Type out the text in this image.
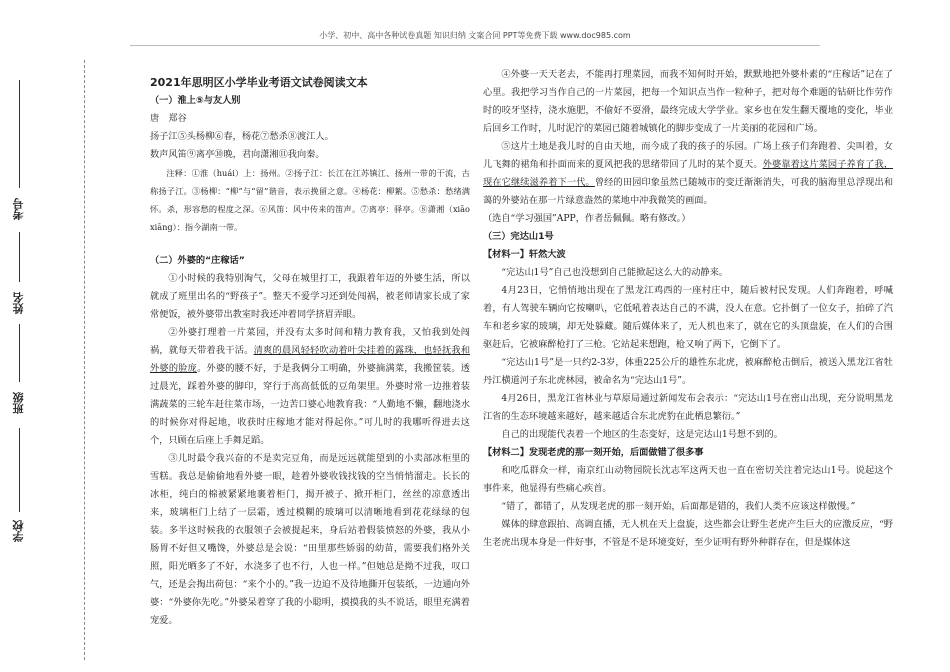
小学、初中、高中各种试卷真题 知识归纳 文案合同 PPT等免费下载 www.doc985.com
考号
姓名
班级
学校

2021年思明区小学毕业考语文试卷阅读文本

（一）淮上⑤与友人别

唐　郑谷

扬子江⑤头杨柳⑥春，杨花⑦愁杀⑧渡江人。

数声风笛⑨离亭⑩晚，君向潇湘⑪我向秦。

注释：①淮（huái）上：扬州。②扬子江：长江在江苏镇江、扬州一带的干流，古称扬子江。③杨柳：“柳”与“留”谐音，表示挽留之意。④杨花：柳絮。⑤愁杀：愁绪满怀。杀，形容愁的程度之深。⑥风笛：风中传来的笛声。⑦离亭：驿亭。⑧潇湘（xiāo xiāng）：指今湖南一带。

（二）外婆的“庄稼话”

①小时候的我特别淘气，父母在城里打工，我跟着年迈的外婆生活，所以就成了班里出名的“野孩子”。整天不爱学习还到处闯祸，被老师请家长成了家常便饭，被外婆带出教室时我还冲着同学挤眉弄眼。

②外婆打理着一片菜园，并没有太多时间和精力教育我，又怕我到处闯祸，就每天带着我干活。清爽的晨风轻轻吹动着叶尖挂着的露珠，也轻抚我和外婆的脸庞。外婆的腰不好，于是我俩分工明确，外婆摘满菜，我搬筐装。透过晨光，踩着外婆的脚印，穿行于高高低低的豆角架里。外婆时常一边推着装满蔬菜的三轮车赶往菜市场，一边苦口婆心地教育我：“人勤地不懒，翻地浇水的时候你对得起地，收获时庄稼地才能对得起你。”可儿时的我哪听得进去这个，只顾在后座上手舞足蹈。

③儿时最令我兴奋的不是卖完豆角，而是远远就能望到的小卖部冰柜里的雪糕。我总是偷偷地看外婆一眼，趁着外婆收钱找钱的空当悄悄溜走。长长的冰柜，纯白的棉被紧紧地裹着柜门，揭开被子、掀开柜门，丝丝的凉意透出来，玻璃柜门上结了一层霜，透过模糊的玻璃可以清晰地看到花花绿绿的包装。多半这时候我的衣服领子会被提起来，身后站着假装愤怒的外婆，我从小肠胃不好但又嘴馋，外婆总是会说：“田里那些娇弱的幼苗，需要我们格外关照，阳光晒多了不好，水浇多了也不行，人也一样。”但她总是拗不过我，叹口气，还是会掏出荷包：“来个小的。”我一边迫不及待地撕开包装纸，一边通向外婆：“外婆你先吃。”外婆呆着穿了我的小聪明，摸摸我的头不说话，眼里充满着宠爱。

④外婆一天天老去，不能再打理菜园，而我不知何时开始，默默地把外婆朴素的“庄稼话”记在了心里。我把学习当作自己的一片菜园，把每一个知识点当作一粒种子，把对每个难题的钻研比作劳作时的咬牙坚持，浇水施肥，不偷好不耍滑，最终完成大学学业。家乡也在发生翻天覆地的变化，毕业后回乡工作时，儿时泥泞的菜园已随着城镇化的脚步变成了一片美丽的花园和广场。

⑤这片土地是我儿时的自由天地，而今成了我的孩子的乐园。广场上孩子们奔跑着、尖叫着，女儿飞舞的裙角和扑面而来的夏风把我的思绪带回了儿时的某个夏天。外婆靠着这片菜园子养育了我，现在它继续滋养着下一代。曾经的田园印象虽然已随城市的变迁渐渐消失，可我的脑海里总浮现出和蔼的外婆站在那一片绿意盎然的菜地中冲我微笑的画面。

（选自“学习强国”APP，作者岳佩佩。略有修改。）

（三）完达山1号

【材料一】轩然大波

“完达山1号”自己也没想到自己能掀起这么大的动静来。

4月23日，它悄悄地出现在了黑龙江鸡西的一座村庄中，随后被村民发现。人们奔跑着，呼喊着，有人驾驶车辆向它按喇叭，它低吼着表达自己的不满，没人在意。它扑倒了一位女子，拍碎了汽车和老乡家的玻璃，却无处躲藏。随后媒体来了，无人机也来了，就在它的头顶盘旋，在人们的合围驱赶后，它被麻醉枪打了三枪。它站起来想跑，枪又响了两下，它倒下了。

“完达山1号”是一只约2-3岁，体重225公斤的雄性东北虎，被麻醉枪击倒后，被送入黑龙江省牡丹江横道河子东北虎林园，被命名为“完达山1号”。

4月26日，黑龙江省林业与草原局通过新闻发布会表示：“完达山1号在密山出现，充分说明黑龙江省的生态环境越来越好，越来越适合东北虎豹在此栖息繁衍。”

自己的出现能代表着一个地区的生态变好，这是完达山1号想不到的。

【材料二】发现老虎的那一刻开始，后面做错了很多事

和吃瓜群众一样，南京红山动物园院长沈志军这两天也一直在密切关注着完达山1号。说起这个事件来，他显得有些痛心疾首。

“错了，都错了，从发现老虎的那一刻开始，后面都是错的，我们人类不应该这样傲慢。”

媒体的肆意跟拍、高调直播，无人机在天上盘旋，这些都会让野生老虎产生巨大的应激反应，“野生老虎出现本身是一件好事，不管是不是环境变好，至少证明有野外种群存在，但是媒体这
